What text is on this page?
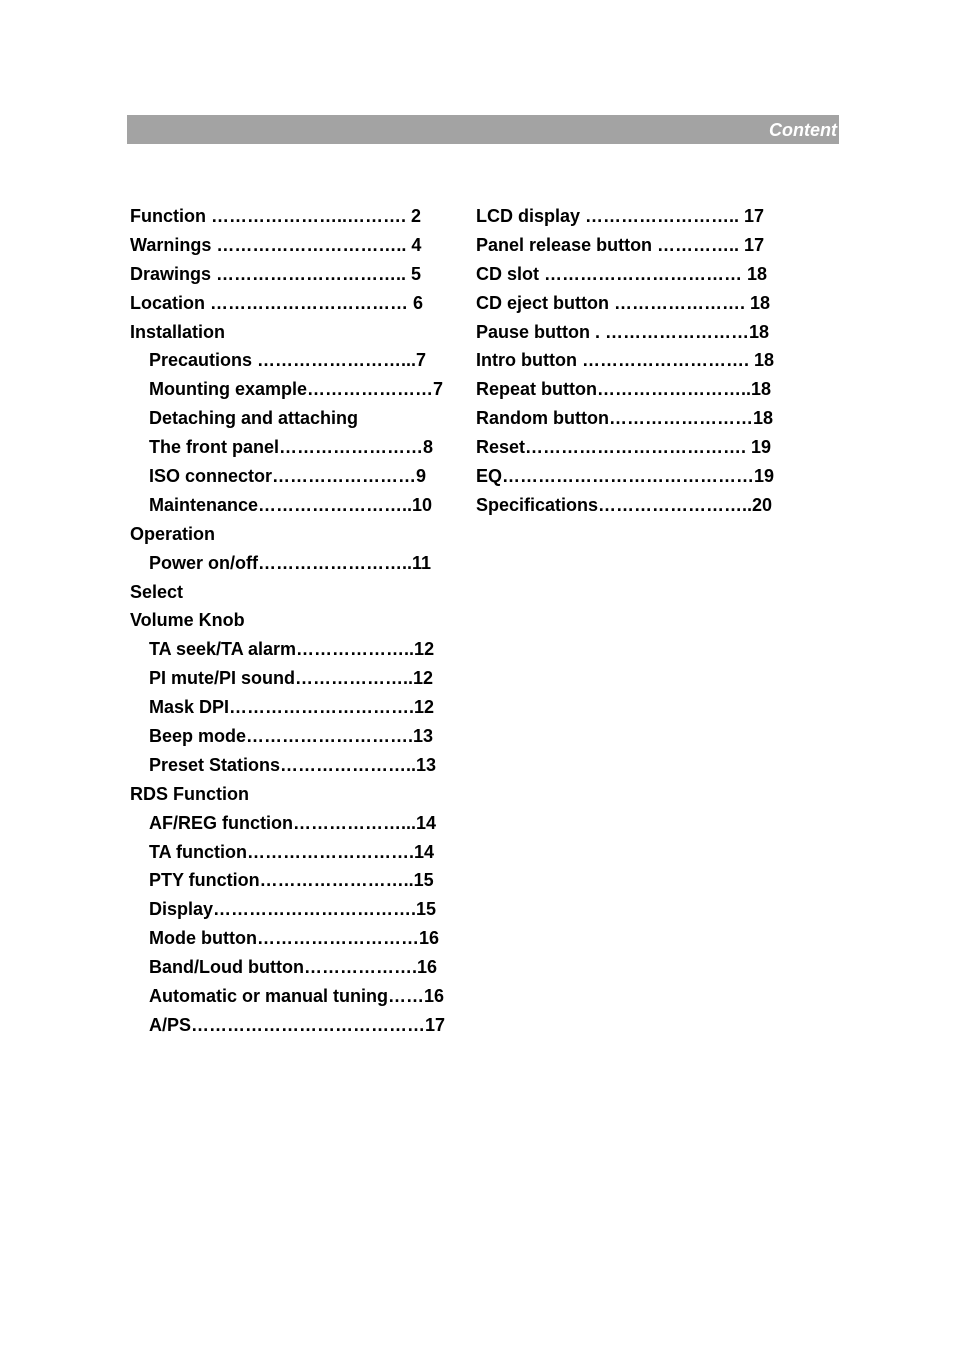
Content
Function …………………..………. 2
Warnings ………………………….. 4
Drawings ………………………….. 5
Location …………………………… 6
Installation
Precautions ……………………...7
Mounting example…………………7
Detaching and attaching
The front panel……………………8
ISO connector……………………9
Maintenance……………………..10
Operation
Power on/off……………………..11
Select
Volume Knob
TA seek/TA alarm………………..12
PI mute/PI sound………………..12
Mask DPI………………………….12
Beep mode……………………….13
Preset Stations…………………..13
RDS Function
AF/REG function………………...14
TA function……………………….14
PTY function……………………..15
Display…………………………….15
Mode button………………………16
Band/Loud button……………….16
Automatic or manual tuning……16
A/PS…………………………………17
LCD display …………………….. 17
Panel release button ………….. 17
CD slot …………………………… 18
CD eject button …………………. 18
Pause button . ……………………18
Intro button ………………………. 18
Repeat button……………………..18
Random button……………………18
Reset………………………………. 19
EQ……………………………………19
Specifications……………………..20
